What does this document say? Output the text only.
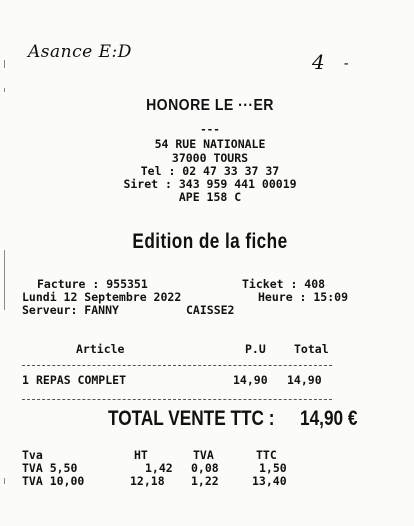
Asance E:D	4 -
HONORE LE ···ER
---
54 RUE NATIONALE
37000 TOURS
Tel : 02 47 33 37 37
Siret : 343 959 441 00019
APE 158 C
Edition de la fiche
Facture : 955351	Ticket : 408
Lundi 12 Septembre 2022	Heure : 15:09
Serveur: FANNY	CAISSE2
Article	P.U Total
1 REPAS COMPLET	14,90 14,90
TOTAL VENTE TTC : 14,90 €
Tva	HT	TVA	TTC
TVA 5,50	1,42 0,08	1,50
TVA 10,00	12,18 1,22	13,40
